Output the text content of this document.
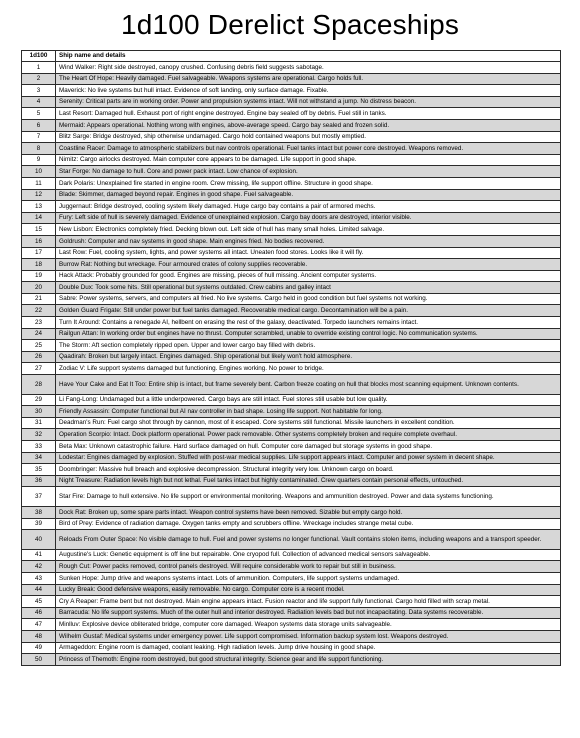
1d100 Derelict Spaceships
1d100	Ship name and details
1	Wind Walker: Right side destroyed, canopy crushed. Confusing debris field suggests sabotage.
2	The Heart Of Hope: Heavily damaged. Fuel salvageable. Weapons systems are operational. Cargo holds full.
3	Maverick: No live systems but hull intact. Evidence of soft landing, only surface damage. Fixable.
4	Serenity: Critical parts are in working order. Power and propulsion systems intact. Will not withstand a jump. No distress beacon.
5	Last Resort: Damaged hull. Exhaust port of right engine destroyed. Engine bay sealed off by debris. Fuel still in tanks.
6	Mermaid: Appears operational. Nothing wrong with engines, above-average speed. Cargo bay sealed and frozen solid.
7	Blitz Sarge: Bridge destroyed, ship otherwise undamaged. Cargo hold contained weapons but mostly emptied.
8	Coastline Racer: Damage to atmospheric stabilizers but nav controls operational. Fuel tanks intact but power core destroyed. Weapons removed.
9	Nimitz: Cargo airlocks destroyed. Main computer core appears to be damaged. Life support in good shape.
10	Star Forge: No damage to hull. Core and power pack intact. Low chance of explosion.
11	Dark Polaris: Unexplained fire started in engine room. Crew missing, life support offline. Structure in good shape.
12	Blade: Skimmer, damaged beyond repair. Engines in good shape. Fuel salvageable.
13	Juggernaut: Bridge destroyed, cooling system likely damaged. Huge cargo bay contains a pair of armored mechs.
14	Fury: Left side of hull is severely damaged. Evidence of unexplained explosion. Cargo bay doors are destroyed, interior visible.
15	New Lisbon: Electronics completely fried. Decking blown out. Left side of hull has many small holes. Limited salvage.
16	Goldrush: Computer and nav systems in good shape. Main engines fried. No bodies recovered.
17	Last Row: Fuel, cooling system, lights, and power systems all intact. Uneaten food stores. Looks like it will fly.
18	Burrow Rat: Nothing but wreckage. Four armoured crates of colony supplies recoverable.
19	Hack Attack: Probably grounded for good. Engines are missing, pieces of hull missing. Ancient computer systems.
20	Double Dux: Took some hits. Still operational but systems outdated. Crew cabins and galley intact
21	Sabre: Power systems, servers, and computers all fried. No live systems. Cargo held in good condition but fuel systems not working.
22	Golden Guard Frigate: Still under power but fuel tanks damaged. Recoverable medical cargo. Decontamination will be a pain.
23	Turn It Around: Contains a renegade AI, hellbent on erasing the rest of the galaxy, deactivated. Torpedo launchers remains intact.
24	Railgun Attan: In working order but engines have no thrust. Computer scrambled, unable to override existing control logic. No communication systems.
25	The Storm: Aft section completely ripped open. Upper and lower cargo bay filled with debris.
26	Qaadirah: Broken but largely intact. Engines damaged. Ship operational but likely won't hold atmosphere.
27	Zodiac V: Life support systems damaged but functioning. Engines working. No power to bridge.
28	Have Your Cake and Eat It Too: Entire ship is intact, but frame severely bent. Carbon freeze coating on hull that blocks most scanning equipment. Unknown contents.
29	Li Fang-Long: Undamaged but a little underpowered. Cargo bays are still intact. Fuel stores still usable but low quality.
30	Friendly Assassin: Computer functional but AI nav controller in bad shape. Losing life support. Not habitable for long.
31	Deadman's Run: Fuel cargo shot through by cannon, most of it escaped. Core systems still functional. Missile launchers in excellent condition.
32	Operation Scorpio: Intact. Dock platform operational. Power pack removable. Other systems completely broken and require complete overhaul.
33	Beta Max: Unknown catastrophic failure. Hard surface damaged on hull. Computer core damaged but storage systems in good shape.
34	Lodestar: Engines damaged by explosion. Stuffed with post-war medical supplies. Life support appears intact. Computer and power system in decent shape.
35	Doombringer: Massive hull breach and explosive decompression. Structural integrity very low. Unknown cargo on board.
36	Night Treasure: Radiation levels high but not lethal. Fuel tanks intact but highly contaminated. Crew quarters contain personal effects, untouched.
37	Star Fire: Damage to hull extensive. No life support or environmental monitoring. Weapons and ammunition destroyed. Power and data systems functioning.
38	Dock Rat: Broken up, some spare parts intact. Weapon control systems have been removed. Sizable but empty cargo hold.
39	Bird of Prey: Evidence of radiation damage. Oxygen tanks empty and scrubbers offline. Wreckage includes strange metal cube.
40	Reloads From Outer Space: No visible damage to hull. Fuel and power systems no longer functional. Vault contains stolen items, including weapons and a transport speeder.
41	Augustine's Luck: Genetic equipment is off line but repairable. One cryopod full. Collection of advanced medical sensors salvageable.
42	Rough Cut: Power packs removed, control panels destroyed. Will require considerable work to repair but still in business.
43	Sunken Hope: Jump drive and weapons systems intact. Lots of ammunition. Computers, life support systems undamaged.
44	Lucky Break: Good defensive weapons, easily removable. No cargo. Computer core is a recent model.
45	Cry A Reaper: Frame bent but not destroyed. Main engine appears intact. Fusion reactor and life support fully functional. Cargo hold filled with scrap metal.
46	Barracuda: No life support systems. Much of the outer hull and interior destroyed. Radiation levels bad but not incapacitating. Data systems recoverable.
47	Minlluv: Explosive device obliterated bridge, computer core damaged. Weapon systems data storage units salvageable.
48	Wilhelm Gustaf: Medical systems under emergency power. Life support compromised. Information backup system lost. Weapons destroyed.
49	Armageddon: Engine room is damaged, coolant leaking. High radiation levels. Jump drive housing in good shape.
50	Princess of Themoth: Engine room destroyed, but good structural integrity. Science gear and life support functioning.
